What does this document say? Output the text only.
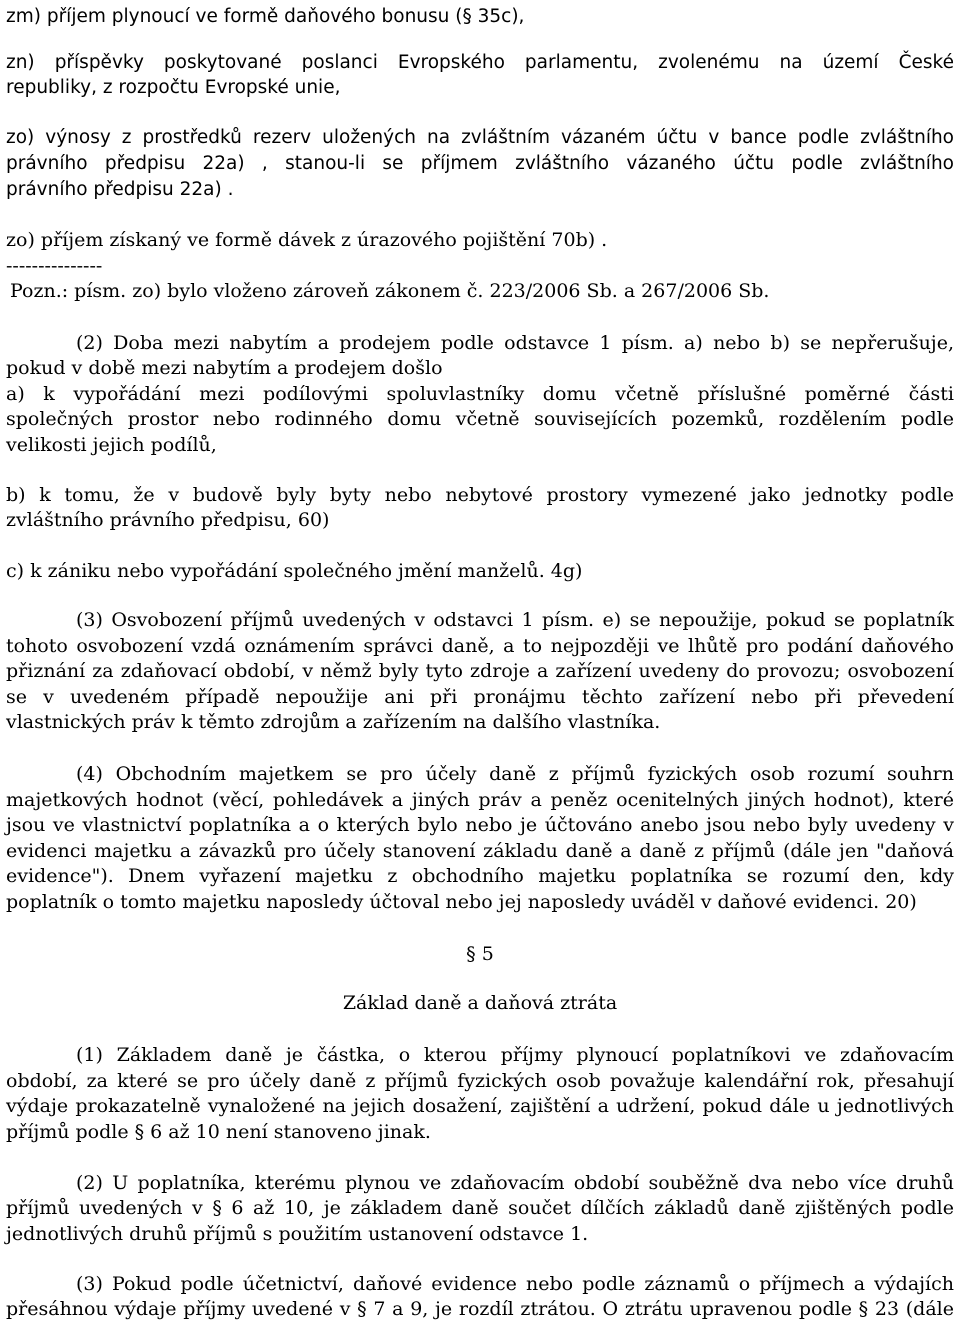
zm) příjem plynoucí ve formě daňového bonusu (§ 35c),
zn) příspěvky poskytované poslanci Evropského parlamentu, zvolenému na území České
republiky, z rozpočtu Evropské unie,
zo) výnosy z prostředků rezerv uložených na zvláštním vázaném účtu v bance podle zvláštního
právního předpisu 22a) , stanou-li se příjmem zvláštního vázaného účtu podle zvláštního
právního předpisu 22a) .
zo) příjem získaný ve formě dávek z úrazového pojištění 70b) .
---------------
Pozn.: písm. zo) bylo vloženo zároveň zákonem č. 223/2006 Sb. a 267/2006 Sb.
(2) Doba mezi nabytím a prodejem podle odstavce 1 písm. a) nebo b) se nepřerušuje,
pokud v době mezi nabytím a prodejem došlo
a) k vypořádání mezi podílovými spoluvlastníky domu včetně příslušné poměrné části
společných prostor nebo rodinného domu včetně souvisejících pozemků, rozdělením podle
velikosti jejich podílů,
b) k tomu, že v budově byly byty nebo nebytové prostory vymezené jako jednotky podle
zvláštního právního předpisu, 60)
c) k zániku nebo vypořádání společného jmění manželů. 4g)
(3) Osvobození příjmů uvedených v odstavci 1 písm. e) se nepoužije, pokud se poplatník
tohoto osvobození vzdá oznámením správci daně, a to nejpozději ve lhůtě pro podání daňového
přiznání za zdaňovací období, v němž byly tyto zdroje a zařízení uvedeny do provozu; osvobození
se v uvedeném případě nepoužije ani při pronájmu těchto zařízení nebo při převedení
vlastnických práv k těmto zdrojům a zařízením na dalšího vlastníka.
(4) Obchodním majetkem se pro účely daně z příjmů fyzických osob rozumí souhrn
majetkových hodnot (věcí, pohledávek a jiných práv a peněz ocenitelných jiných hodnot), které
jsou ve vlastnictví poplatníka a o kterých bylo nebo je účtováno anebo jsou nebo byly uvedeny v
evidenci majetku a závazků pro účely stanovení základu daně a daně z příjmů (dále jen "daňová
evidence"). Dnem vyřazení majetku z obchodního majetku poplatníka se rozumí den, kdy
poplatník o tomto majetku naposledy účtoval nebo jej naposledy uváděl v daňové evidenci. 20)
§ 5
Základ daně a daňová ztráta
(1) Základem daně je částka, o kterou příjmy plynoucí poplatníkovi ve zdaňovacím
období, za které se pro účely daně z příjmů fyzických osob považuje kalendářní rok, přesahují
výdaje prokazatelně vynaložené na jejich dosažení, zajištění a udržení, pokud dále u jednotlivých
příjmů podle § 6 až 10 není stanoveno jinak.
(2) U poplatníka, kterému plynou ve zdaňovacím období souběžně dva nebo více druhů
příjmů uvedených v § 6 až 10, je základem daně součet dílčích základů daně zjištěných podle
jednotlivých druhů příjmů s použitím ustanovení odstavce 1.
(3) Pokud podle účetnictví, daňové evidence nebo podle záznamů o příjmech a výdajích
přesáhnou výdaje příjmy uvedené v § 7 a 9, je rozdíl ztrátou. O ztrátu upravenou podle § 23 (dále
